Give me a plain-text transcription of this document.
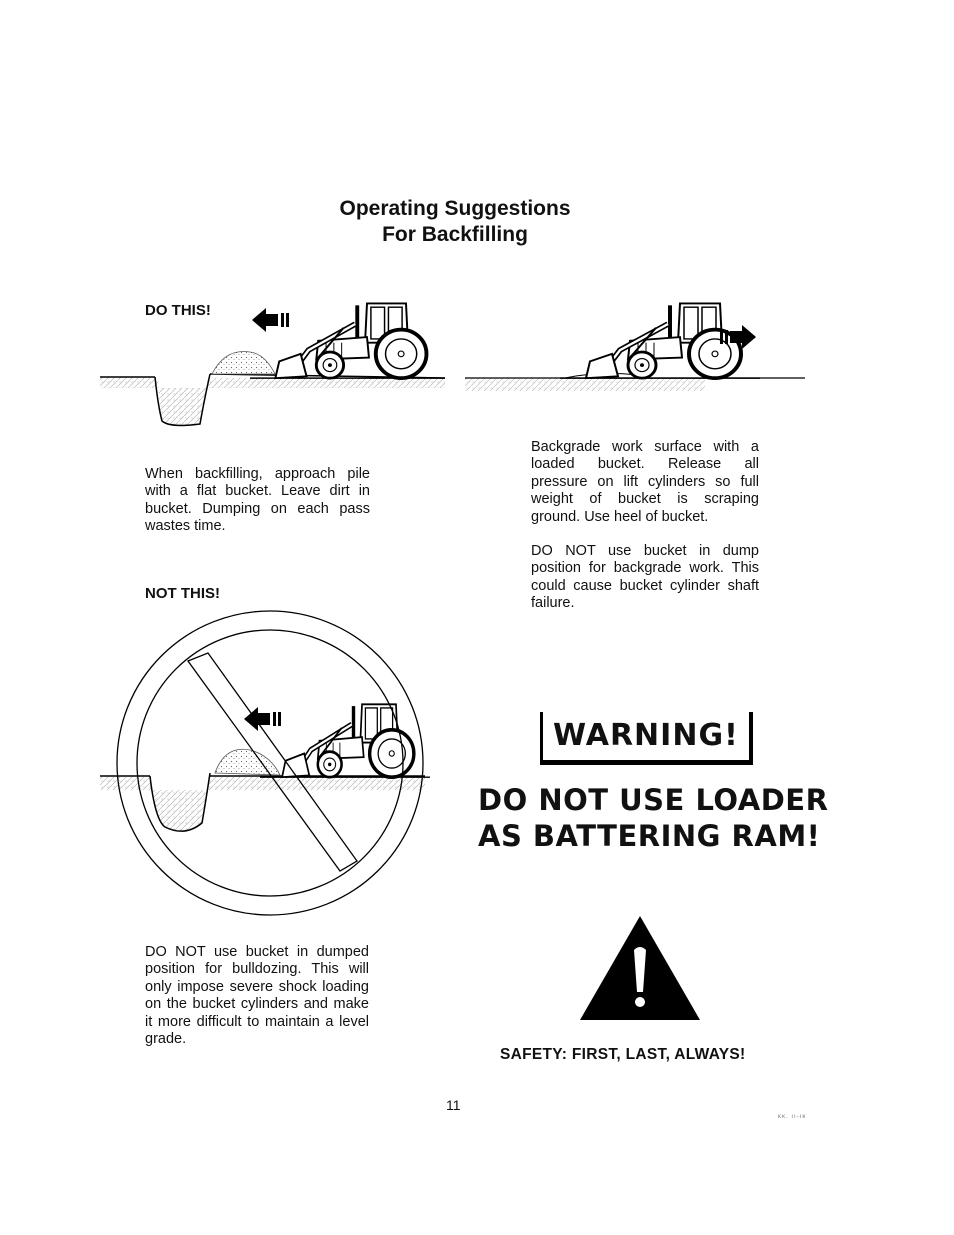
Operating Suggestions
For Backfilling
DO THIS!

When backfilling, approach pile with a flat bucket. Leave dirt in bucket. Dumping on each pass wastes time.

Backgrade work surface with a loaded bucket. Release all pressure on lift cylinders so full weight of bucket is scraping ground. Use heel of bucket.

DO NOT use bucket in dump position for backgrade work. This could cause bucket cylinder shaft failure.

NOT THIS!

DO NOT use bucket in dumped position for bulldozing. This will only impose severe shock loading on the bucket cylinders and make it more difficult to maintain a level grade.

WARNING!
DO NOT USE LOADER
AS BATTERING RAM!
SAFETY: FIRST, LAST, ALWAYS!
11
ĸĸ. ıı-ıĸ
